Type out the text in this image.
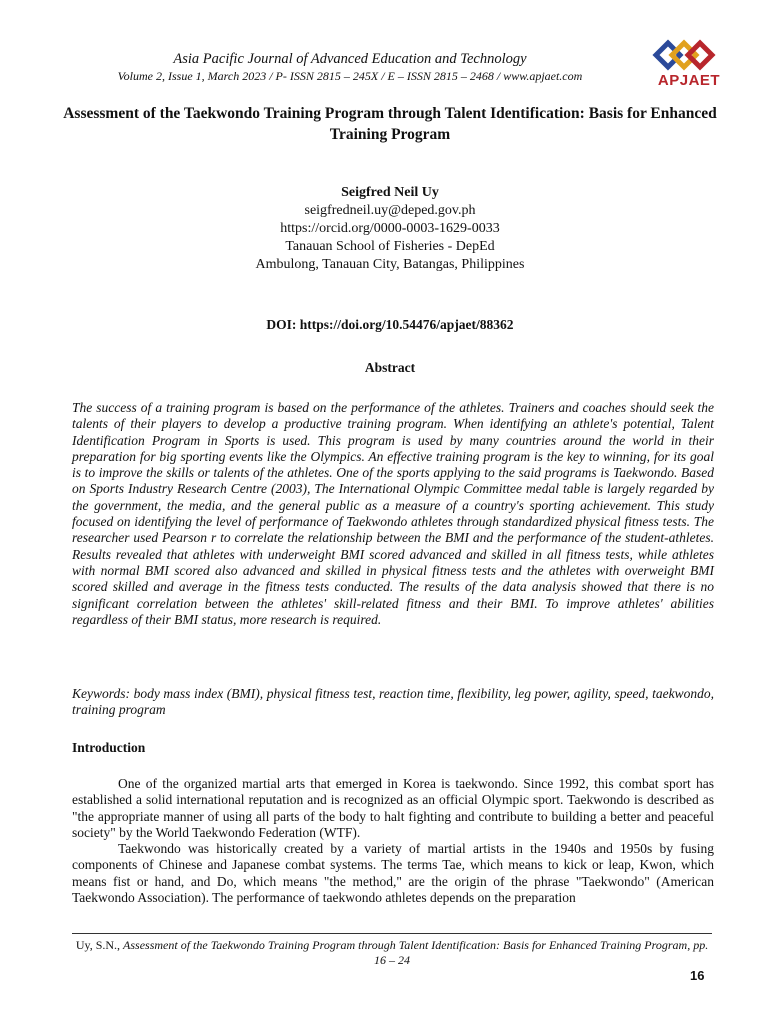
Asia Pacific Journal of Advanced Education and Technology
Volume 2, Issue 1, March 2023 / P- ISSN 2815 – 245X / E – ISSN 2815 – 2468 / www.apjaet.com	APJAET
Assessment of the Taekwondo Training Program through Talent Identification: Basis for Enhanced Training Program
Seigfred Neil Uy
seigfredneil.uy@deped.gov.ph
https://orcid.org/0000-0003-1629-0033
Tanauan School of Fisheries - DepEd
Ambulong, Tanauan City, Batangas, Philippines
DOI: https://doi.org/10.54476/apjaet/88362
Abstract

The success of a training program is based on the performance of the athletes. Trainers and coaches should seek the talents of their players to develop a productive training program. When identifying an athlete's potential, Talent Identification Program in Sports is used. This program is used by many countries around the world in their preparation for big sporting events like the Olympics. An effective training program is the key to winning, for its goal is to improve the skills or talents of the athletes. One of the sports applying to the said programs is Taekwondo. Based on Sports Industry Research Centre (2003), The International Olympic Committee medal table is largely regarded by the government, the media, and the general public as a measure of a country's sporting achievement. This study focused on identifying the level of performance of Taekwondo athletes through standardized physical fitness tests. The researcher used Pearson r to correlate the relationship between the BMI and the performance of the student-athletes. Results revealed that athletes with underweight BMI scored advanced and skilled in all fitness tests, while athletes with normal BMI scored also advanced and skilled in physical fitness tests and the athletes with overweight BMI scored skilled and average in the fitness tests conducted. The results of the data analysis showed that there is no significant correlation between the athletes' skill-related fitness and their BMI. To improve athletes' abilities regardless of their BMI status, more research is required.

Keywords: body mass index (BMI), physical fitness test, reaction time, flexibility, leg power, agility, speed, taekwondo, training program

Introduction

One of the organized martial arts that emerged in Korea is taekwondo. Since 1992, this combat sport has established a solid international reputation and is recognized as an official Olympic sport. Taekwondo is described as "the appropriate manner of using all parts of the body to halt fighting and contribute to building a better and peaceful society" by the World Taekwondo Federation (WTF).

Taekwondo was historically created by a variety of martial artists in the 1940s and 1950s by fusing components of Chinese and Japanese combat systems. The terms Tae, which means to kick or leap, Kwon, which means fist or hand, and Do, which means "the method," are the origin of the phrase "Taekwondo" (American Taekwondo Association). The performance of taekwondo athletes depends on the preparation

Uy, S.N., Assessment of the Taekwondo Training Program through Talent Identification: Basis for Enhanced Training Program, pp. 16 – 24
16
